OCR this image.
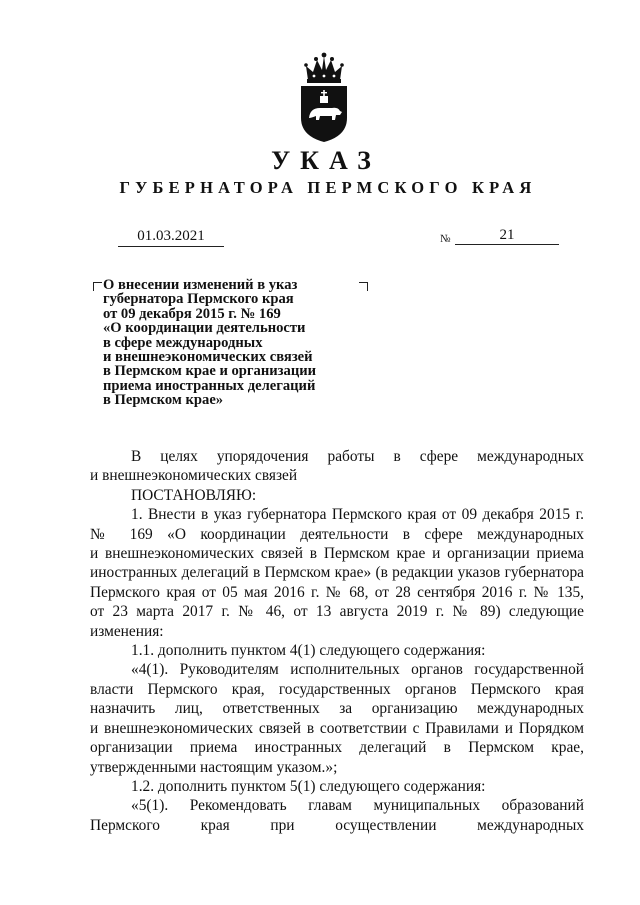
УКАЗ
ГУБЕРНАТОРА ПЕРМСКОГО КРАЯ
01.03.2021	№	21

О внесении изменений в указ
губернатора Пермского края
от 09 декабря 2015 г. № 169
«О координации деятельности
в сфере международных
и внешнеэкономических связей
в Пермском крае и организации
приема иностранных делегаций
в Пермском крае»

В целях упорядочения работы в сфере международных
и внешнеэкономических связей
ПОСТАНОВЛЯЮ:
1. Внести в указ губернатора Пермского края от 09 декабря 2015 г.
№ 169 «О координации деятельности в сфере международных
и внешнеэкономических связей в Пермском крае и организации приема
иностранных делегаций в Пермском крае» (в редакции указов губернатора
Пермского края от 05 мая 2016 г. № 68, от 28 сентября 2016 г. № 135,
от 23 марта 2017 г. № 46, от 13 августа 2019 г. № 89) следующие
изменения:
1.1. дополнить пунктом 4(1) следующего содержания:
«4(1). Руководителям исполнительных органов государственной
власти Пермского края, государственных органов Пермского края
назначить лиц, ответственных за организацию международных
и внешнеэкономических связей в соответствии с Правилами и Порядком
организации приема иностранных делегаций в Пермском крае,
утвержденными настоящим указом.»;
1.2. дополнить пунктом 5(1) следующего содержания:
«5(1). Рекомендовать главам муниципальных образований
Пермского края при осуществлении международных
